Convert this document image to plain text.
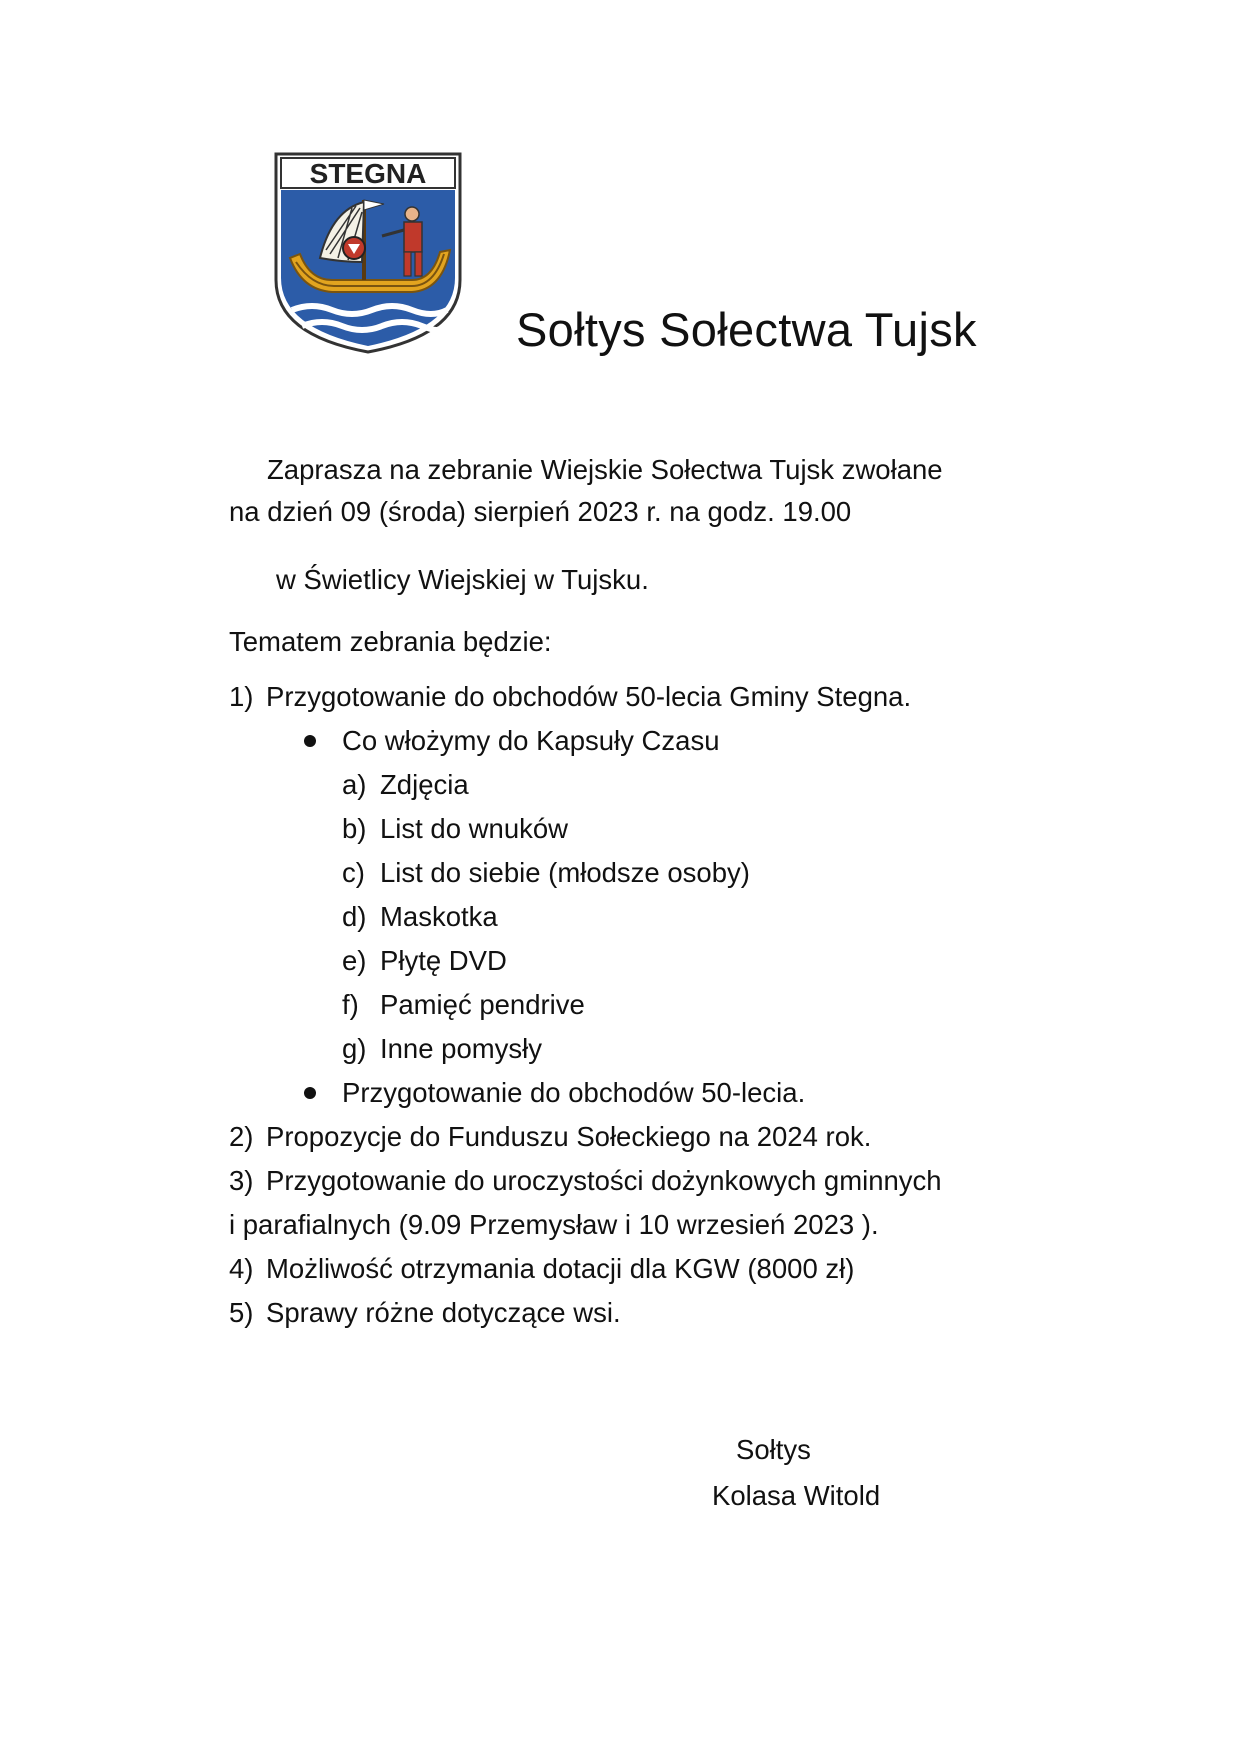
STEGNA
Sołtys Sołectwa Tujsk
Zaprasza na zebranie Wiejskie Sołectwa Tujsk zwołane
na dzień 09 (środa) sierpień 2023 r. na godz. 19.00
w Świetlicy Wiejskiej w Tujsku.
Tematem zebrania będzie:
1) Przygotowanie do obchodów 50-lecia Gminy Stegna.
Co włożymy do Kapsuły Czasu
a) Zdjęcia
b) List do wnuków
c) List do siebie (młodsze osoby)
d) Maskotka
e) Płytę DVD
f) Pamięć pendrive
g) Inne pomysły
Przygotowanie do obchodów 50-lecia.
2) Propozycje do Funduszu Sołeckiego na 2024 rok.
3) Przygotowanie do uroczystości dożynkowych gminnych
i parafialnych (9.09 Przemysław i 10 wrzesień 2023 ).
4) Możliwość otrzymania dotacji dla KGW (8000 zł)
5) Sprawy różne dotyczące wsi.
Sołtys
Kolasa Witold
